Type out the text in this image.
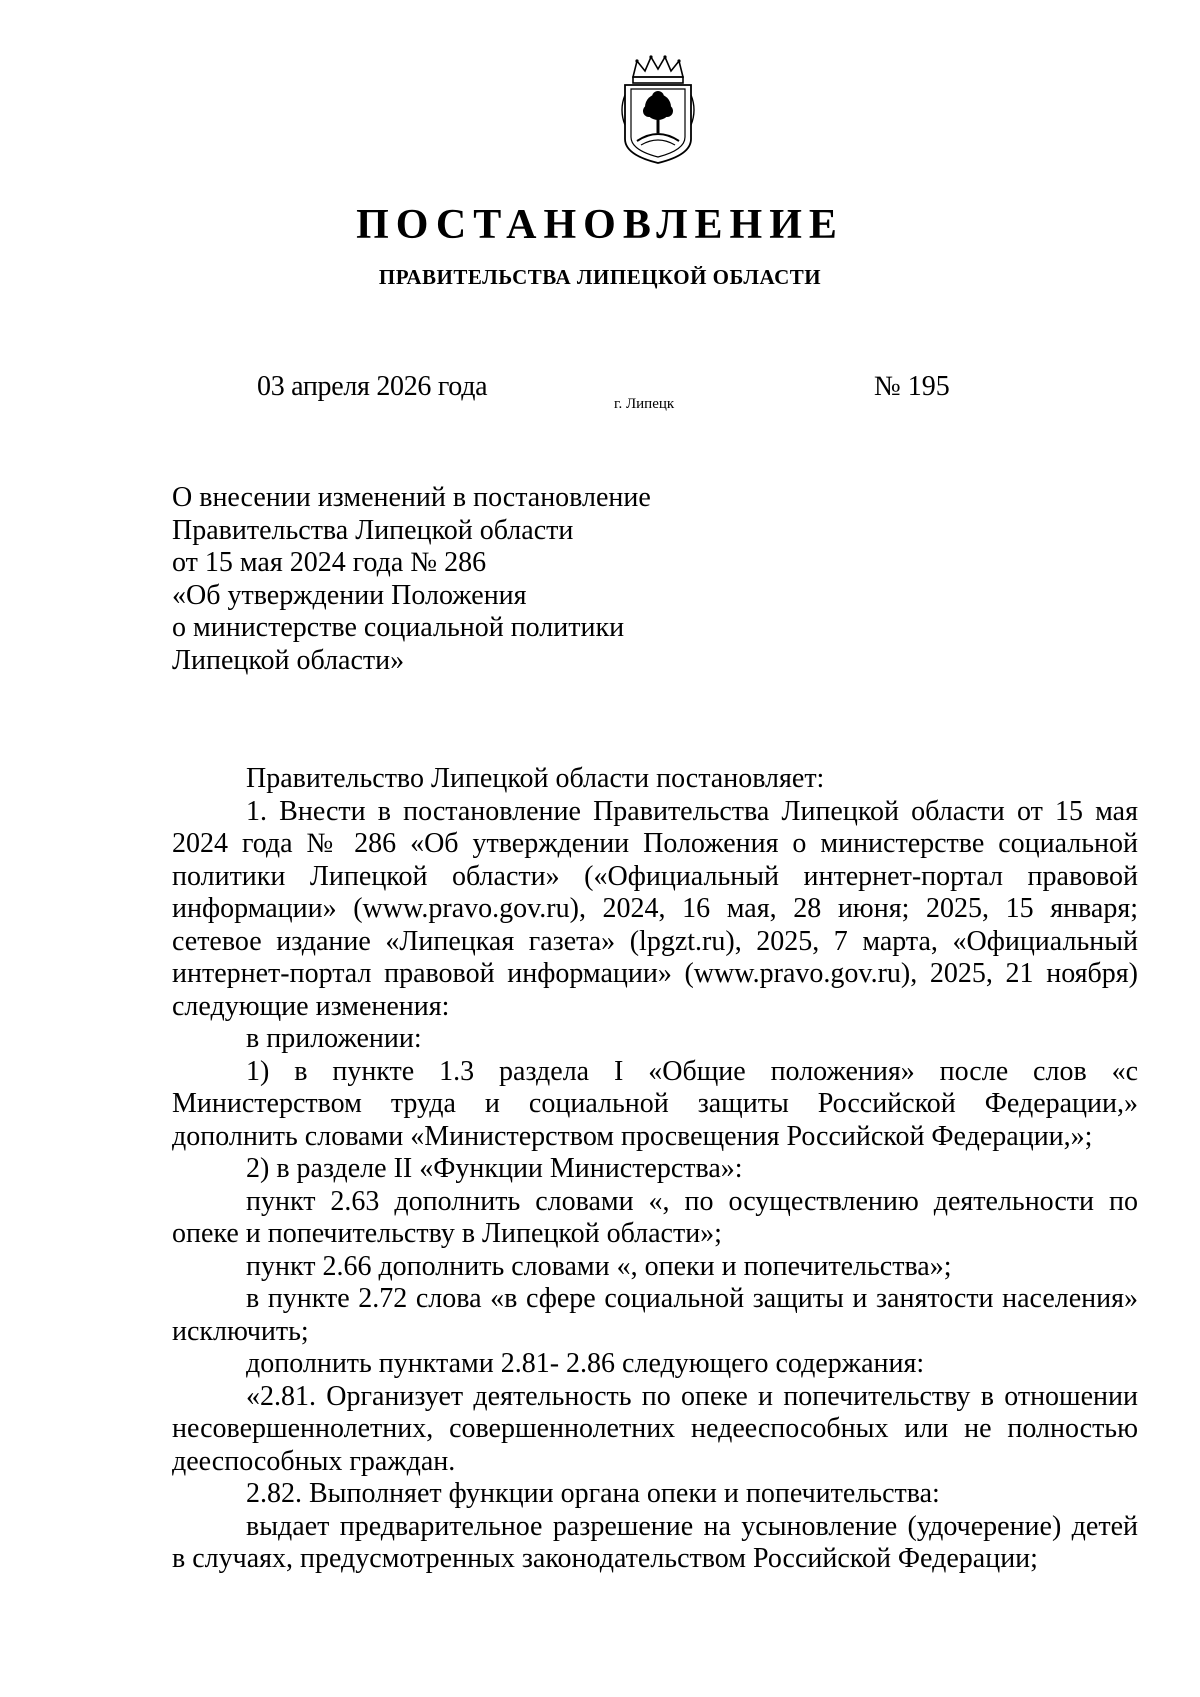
ПОСТАНОВЛЕНИЕ
ПРАВИТЕЛЬСТВА ЛИПЕЦКОЙ ОБЛАСТИ
03 апреля 2026 года
г. Липецк
№ 195
О внесении изменений в постановление
Правительства Липецкой области
от 15 мая 2024 года № 286
«Об утверждении Положения
о министерстве социальной политики
Липецкой области»
Правительство Липецкой области постановляет:
1. Внести в постановление Правительства Липецкой области от 15 мая
2024 года № 286 «Об утверждении Положения о министерстве социальной
политики Липецкой области» («Официальный интернет-портал правовой
информации» (www.pravo.gov.ru), 2024, 16 мая, 28 июня; 2025, 15 января;
сетевое издание «Липецкая газета» (lpgzt.ru), 2025, 7 марта, «Официальный
интернет-портал правовой информации» (www.pravo.gov.ru), 2025, 21 ноября)
следующие изменения:
в приложении:
1) в пункте 1.3 раздела I «Общие положения» после слов «с
Министерством труда и социальной защиты Российской Федерации,»
дополнить словами «Министерством просвещения Российской Федерации,»;
2) в разделе II «Функции Министерства»:
пункт 2.63 дополнить словами «, по осуществлению деятельности по
опеке и попечительству в Липецкой области»;
пункт 2.66 дополнить словами «, опеки и попечительства»;
в пункте 2.72 слова «в сфере социальной защиты и занятости населения»
исключить;
дополнить пунктами 2.81- 2.86 следующего содержания:
«2.81. Организует деятельность по опеке и попечительству в отношении
несовершеннолетних, совершеннолетних недееспособных или не полностью
дееспособных граждан.
2.82. Выполняет функции органа опеки и попечительства:
выдает предварительное разрешение на усыновление (удочерение) детей
в случаях, предусмотренных законодательством Российской Федерации;
